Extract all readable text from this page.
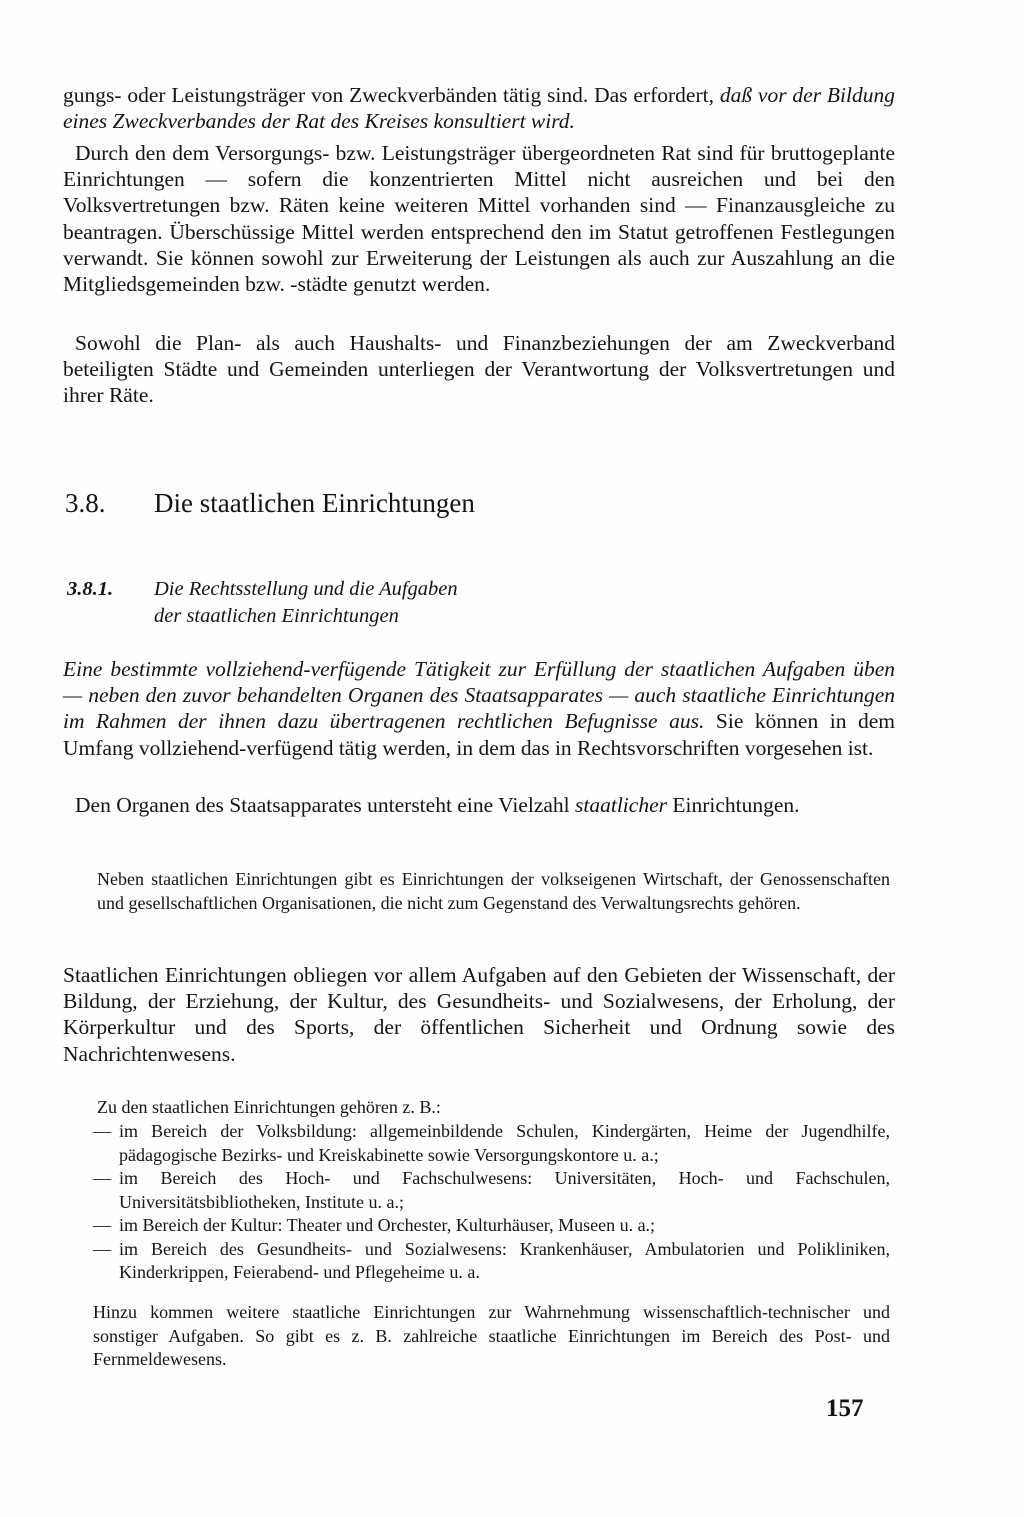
gungs- oder Leistungsträger von Zweckverbänden tätig sind. Das erfordert, daß vor der Bildung eines Zweckverbandes der Rat des Kreises konsultiert wird.

Durch den dem Versorgungs- bzw. Leistungsträger übergeordneten Rat sind für bruttogeplante Einrichtungen — sofern die konzentrierten Mittel nicht ausreichen und bei den Volksvertretungen bzw. Räten keine weiteren Mittel vorhanden sind — Finanzausgleiche zu beantragen. Überschüssige Mittel werden entsprechend den im Statut getroffenen Festlegungen verwandt. Sie können sowohl zur Erweiterung der Leistungen als auch zur Auszahlung an die Mitgliedsgemeinden bzw. -städte genutzt werden.

Sowohl die Plan- als auch Haushalts- und Finanzbeziehungen der am Zweckverband beteiligten Städte und Gemeinden unterliegen der Verantwortung der Volksvertretungen und ihrer Räte.

3.8. Die staatlichen Einrichtungen
3.8.1. Die Rechtsstellung und die Aufgaben
der staatlichen Einrichtungen

Eine bestimmte vollziehend-verfügende Tätigkeit zur Erfüllung der staatlichen Aufgaben üben — neben den zuvor behandelten Organen des Staatsapparates — auch staatliche Einrichtungen im Rahmen der ihnen dazu übertragenen rechtlichen Befugnisse aus. Sie können in dem Umfang vollziehend-verfügend tätig werden, in dem das in Rechtsvorschriften vorgesehen ist.

Den Organen des Staatsapparates untersteht eine Vielzahl staatlicher Einrichtungen.

Neben staatlichen Einrichtungen gibt es Einrichtungen der volkseigenen Wirtschaft, der Genossenschaften und gesellschaftlichen Organisationen, die nicht zum Gegenstand des Verwaltungsrechts gehören.

Staatlichen Einrichtungen obliegen vor allem Aufgaben auf den Gebieten der Wissenschaft, der Bildung, der Erziehung, der Kultur, des Gesundheits- und Sozialwesens, der Erholung, der Körperkultur und des Sports, der öffentlichen Sicherheit und Ordnung sowie des Nachrichtenwesens.

Zu den staatlichen Einrichtungen gehören z. B.:

— im Bereich der Volksbildung: allgemeinbildende Schulen, Kindergärten, Heime der Jugendhilfe, pädagogische Bezirks- und Kreiskabinette sowie Versorgungskontore u. a.;
— im Bereich des Hoch- und Fachschulwesens: Universitäten, Hoch- und Fachschulen, Universitätsbibliotheken, Institute u. a.;
— im Bereich der Kultur: Theater und Orchester, Kulturhäuser, Museen u. a.;
— im Bereich des Gesundheits- und Sozialwesens: Krankenhäuser, Ambulatorien und Polikliniken, Kinderkrippen, Feierabend- und Pflegeheime u. a.

Hinzu kommen weitere staatliche Einrichtungen zur Wahrnehmung wissenschaftlich-technischer und sonstiger Aufgaben. So gibt es z. B. zahlreiche staatliche Einrichtungen im Bereich des Post- und Fernmeldewesens.

157
